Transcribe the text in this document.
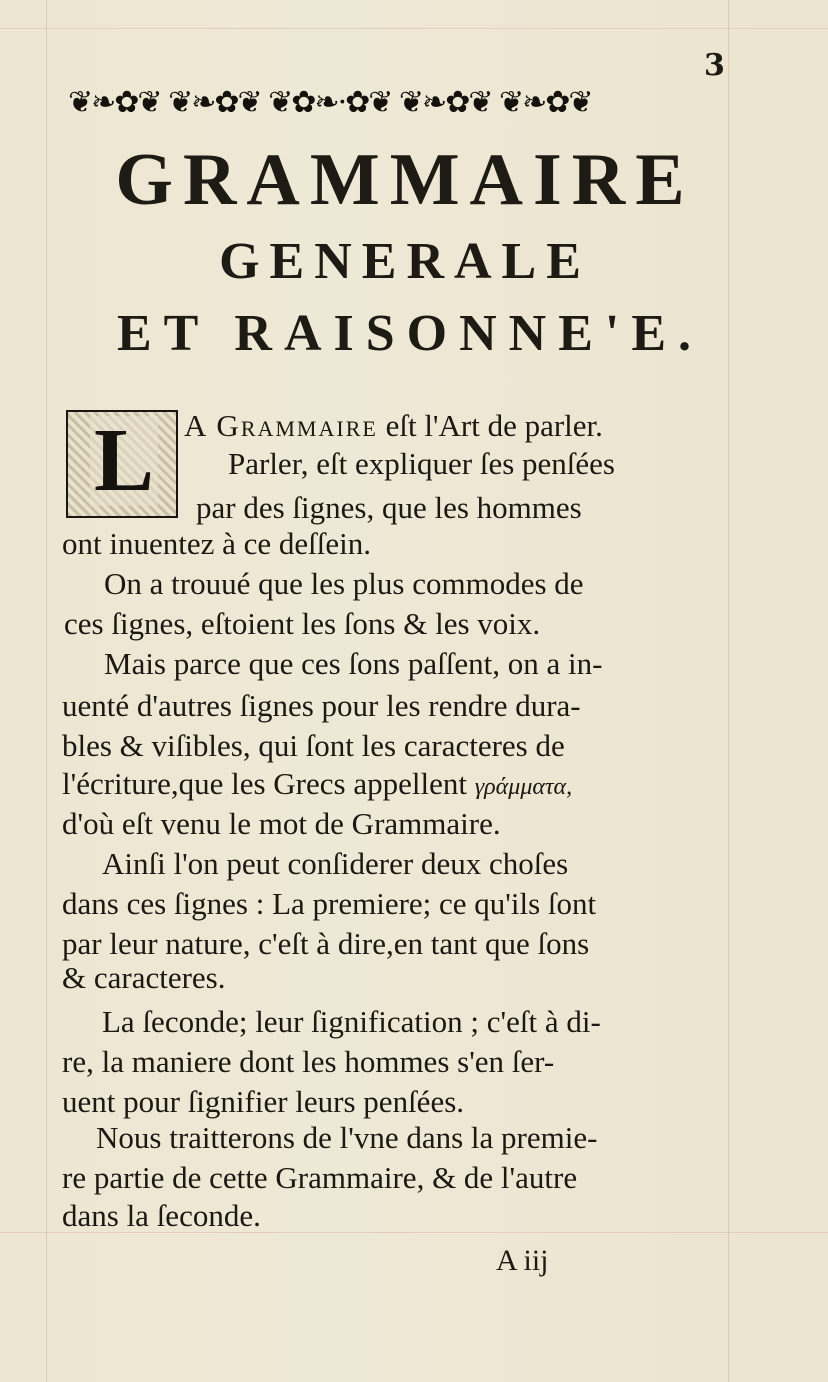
3
❦❧✿❦ ❦❧✿❦ ❦✿❧·✿❦ ❦❧✿❦ ❦❧✿❦
GRAMMAIRE
GENERALE
ET RAISONNE'E.
L A Grammaire eſt l'Art de parler.
Parler, eſt expliquer ſes penſées
par des ſignes, que les hommes
ont inuentez à ce deſſein.
On a trouué que les plus commodes de
ces ſignes, eſtoient les ſons & les voix.
Mais parce que ces ſons paſſent, on a in-
uenté d'autres ſignes pour les rendre dura-
bles & viſibles, qui ſont les caracteres de
l'écriture,que les Grecs appellent γράμματα,
d'où eſt venu le mot de Grammaire.
Ainſi l'on peut conſiderer deux choſes
dans ces ſignes : La premiere; ce qu'ils ſont
par leur nature, c'eſt à dire,en tant que ſons
& caracteres.
La ſeconde; leur ſignification ; c'eſt à di-
re, la maniere dont les hommes s'en ſer-
uent pour ſignifier leurs penſées.
Nous traitterons de l'vne dans la premie-
re partie de cette Grammaire, & de l'autre
dans la ſeconde.
A iij
